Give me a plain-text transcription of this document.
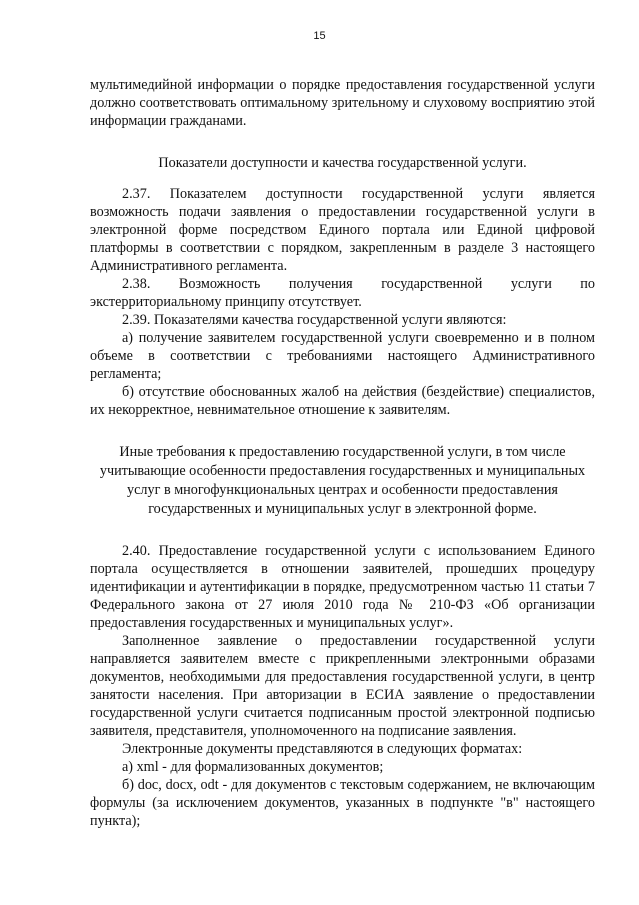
15

мультимедийной информации о порядке предоставления государственной услуги должно соответствовать оптимальному зрительному и слуховому восприятию этой информации гражданами.

Показатели доступности и качества государственной услуги.

2.37. Показателем доступности государственной услуги является возможность подачи заявления о предоставлении государственной услуги в электронной форме посредством Единого портала или Единой цифровой платформы в соответствии с порядком, закрепленным в разделе 3 настоящего Административного регламента.

2.38. Возможность получения государственной услуги по экстерриториальному принципу отсутствует.

2.39. Показателями качества государственной услуги являются:

а) получение заявителем государственной услуги своевременно и в полном объеме в соответствии с требованиями настоящего Административного регламента;

б) отсутствие обоснованных жалоб на действия (бездействие) специалистов, их некорректное, невнимательное отношение к заявителям.

Иные требования к предоставлению государственной услуги, в том числе учитывающие особенности предоставления государственных и муниципальных услуг в многофункциональных центрах и особенности предоставления государственных и муниципальных услуг в электронной форме.

2.40. Предоставление государственной услуги с использованием Единого портала осуществляется в отношении заявителей, прошедших процедуру идентификации и аутентификации в порядке, предусмотренном частью 11 статьи 7 Федерального закона от 27 июля 2010 года № 210-ФЗ «Об организации предоставления государственных и муниципальных услуг».

Заполненное заявление о предоставлении государственной услуги направляется заявителем вместе с прикрепленными электронными образами документов, необходимыми для предоставления государственной услуги, в центр занятости населения. При авторизации в ЕСИА заявление о предоставлении государственной услуги считается подписанным простой электронной подписью заявителя, представителя, уполномоченного на подписание заявления.

Электронные документы представляются в следующих форматах:

а) xml - для формализованных документов;

б) doc, docx, odt - для документов с текстовым содержанием, не включающим формулы (за исключением документов, указанных в подпункте "в" настоящего пункта);
